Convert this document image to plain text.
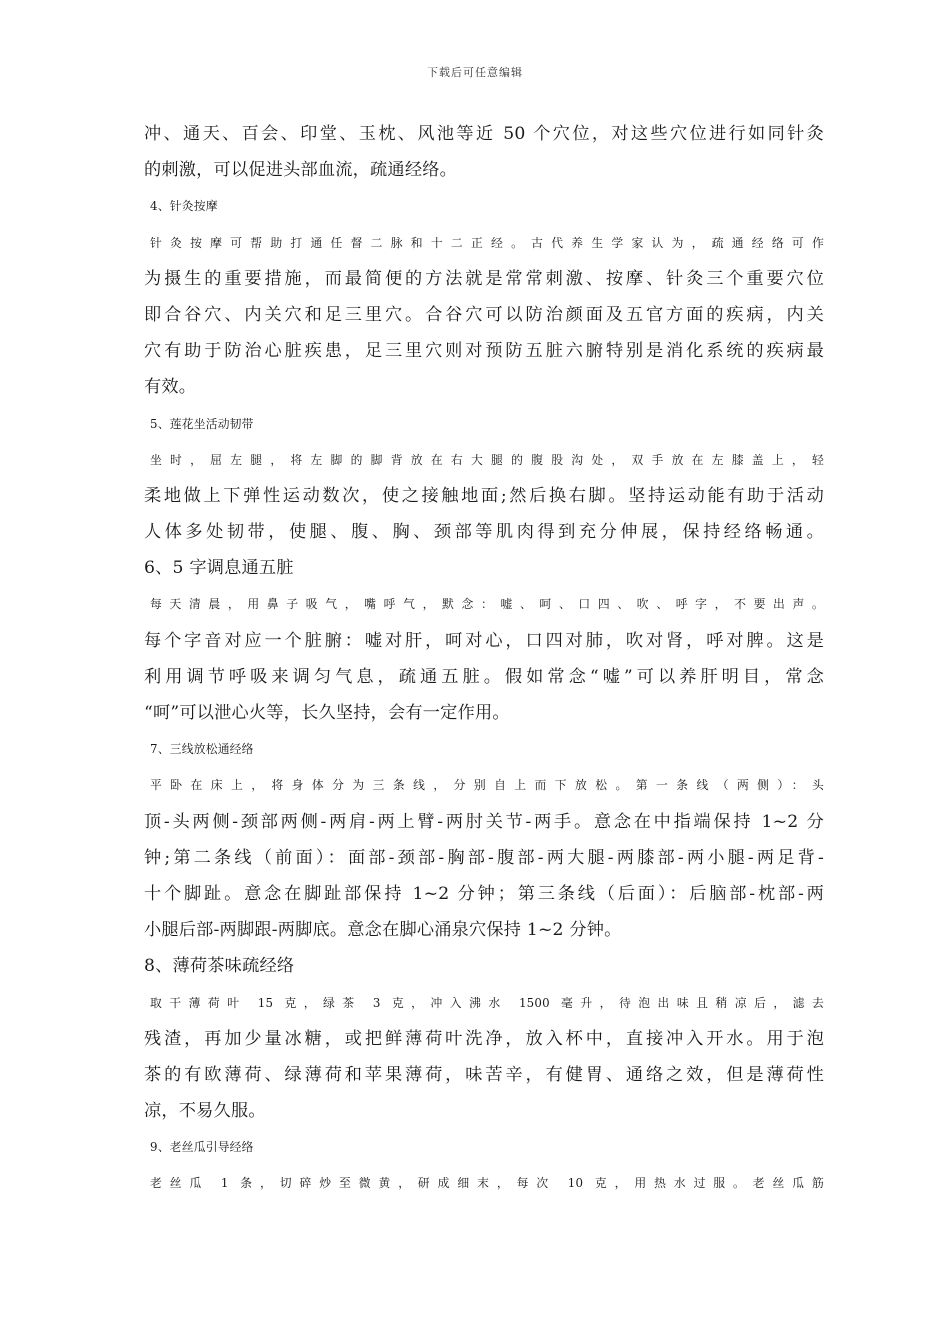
下载后可任意编辑
冲、通天、百会、印堂、玉枕、风池等近 50 个穴位，对这些穴位进行如同针灸
的刺激，可以促进头部血流，疏通经络。
4、针灸按摩
针灸按摩可帮助打通任督二脉和十二正经。古代养生学家认为，疏通经络可作
为摄生的重要措施，而最简便的方法就是常常刺激、按摩、针灸三个重要穴位
即合谷穴、内关穴和足三里穴。合谷穴可以防治颜面及五官方面的疾病，内关
穴有助于防治心脏疾患，足三里穴则对预防五脏六腑特别是消化系统的疾病最
有效。
5、莲花坐活动韧带
坐时，屈左腿，将左脚的脚背放在右大腿的腹股沟处，双手放在左膝盖上，轻
柔地做上下弹性运动数次，使之接触地面;然后换右脚。坚持运动能有助于活动
人体多处韧带，使腿、腹、胸、颈部等肌肉得到充分伸展，保持经络畅通。
6、5 字调息通五脏
每天清晨，用鼻子吸气，嘴呼气，默念：嘘、呵、口四、吹、呼字，不要出声。
每个字音对应一个脏腑：嘘对肝，呵对心，口四对肺，吹对肾，呼对脾。这是
利用调节呼吸来调匀气息，疏通五脏。假如常念“嘘”可以养肝明目，常念
“呵”可以泄心火等，长久坚持，会有一定作用。
7、三线放松通经络
平卧在床上，将身体分为三条线，分别自上而下放松。第一条线（两侧）：头
顶-头两侧-颈部两侧-两肩-两上臂-两肘关节-两手。意念在中指端保持 1~2 分
钟;第二条线（前面）：面部-颈部-胸部-腹部-两大腿-两膝部-两小腿-两足背-
十个脚趾。意念在脚趾部保持 1~2 分钟；第三条线（后面）：后脑部-枕部-两
小腿后部-两脚跟-两脚底。意念在脚心涌泉穴保持 1~2 分钟。
8、薄荷茶味疏经络
取干薄荷叶 15 克，绿茶 3 克，冲入沸水 1500 毫升，待泡出味且稍凉后，滤去
残渣，再加少量冰糖，或把鲜薄荷叶洗净，放入杯中，直接冲入开水。用于泡
茶的有欧薄荷、绿薄荷和苹果薄荷，味苦辛，有健胃、通络之效，但是薄荷性
凉，不易久服。
9、老丝瓜引导经络
老丝瓜 1 条，切碎炒至微黄，研成细末，每次 10 克，用热水过服。老丝瓜筋
